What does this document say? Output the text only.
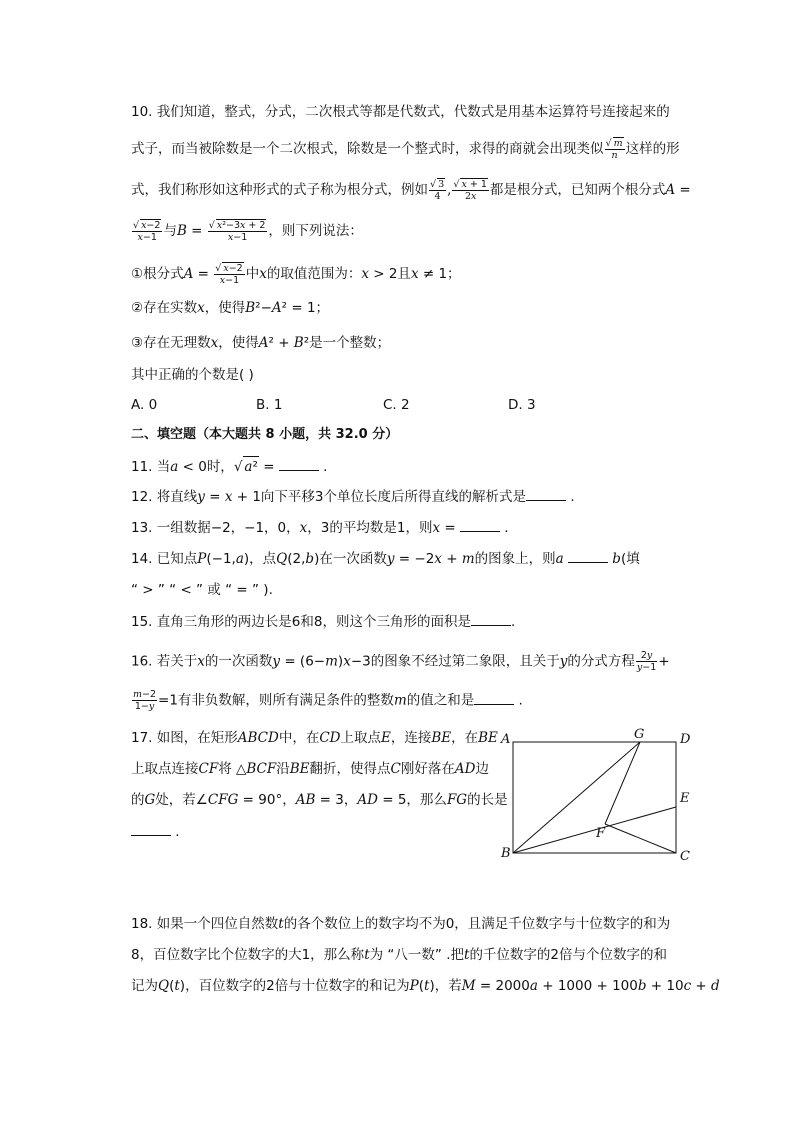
10. 我们知道，整式，分式，二次根式等都是代数式，代数式是用基本运算符号连接起来的
式子，而当被除数是一个二次根式，除数是一个整式时，求得的商就会出现类似 $\frac{√ m}{n}$ 这样的形
式，我们称形如这种形式的式子称为根分式，例如 $\frac{√ 3}{4}$ , $\frac{√ x + 1}{2x}$ 都是根分式，已知两个根分式A =
$\frac{√ x-2}{x-1}$ 与$B = \frac{\text{√ x²−3x + 2}}{x-1}$ ，则下列说法：
①根分式$A = \frac{√ x-2}{x-1}$ 中x的取值范围为：x > 2且x ≠ 1；
②存在实数x，使得B²−A² = 1；
③存在无理数x，使得A² + B²是一个整数；
其中正确的个数是( )
A. 0	B. 1	C. 2	D. 3
二、填空题（本大题共 8 小题，共 32.0 分）
11. 当a < 0时，√ a² =	.
12. 将直线y = x + 1向下平移3个单位长度后所得直线的解析式是	.
13. 一组数据−2，−1，0，x，3的平均数是1，则x =	.
14. 已知点P(−1,a)，点Q(2,b)在一次函数y = −2x + m的图象上，则a	b(填
“ > ” “ < ” 或 “ = ” ).
15. 直角三角形的两边长是6和8，则这个三角形的面积是	.
16. 若关于x的一次函数y = (6−m)x−3的图象不经过第二象限，且关于y的分式方程 $\frac{2y}{y-1}$ +
$\frac{m-2}{1-y} =1$有非负数解，则所有满足条件的整数m的值之和是	.
17. 如图，在矩形ABCD中，在CD上取点E，连接BE，在BE
上取点连接CF将 △BCF沿BE翻折，使得点C刚好落在AD边
的G处，若∠CFG = 90°，AB = 3，AD = 5，那么FG的长是
.
A	G	D
E
F
B	C
18. 如果一个四位自然数t的各个数位上的数字均不为0，且满足千位数字与十位数字的和为
8，百位数字比个位数字的大1，那么称t为 “八一数” .把t的千位数字的2倍与个位数字的和
记为Q(t)，百位数字的2倍与十位数字的和记为P(t)，若M = 2000a + 1000 + 100b + 10c + d
